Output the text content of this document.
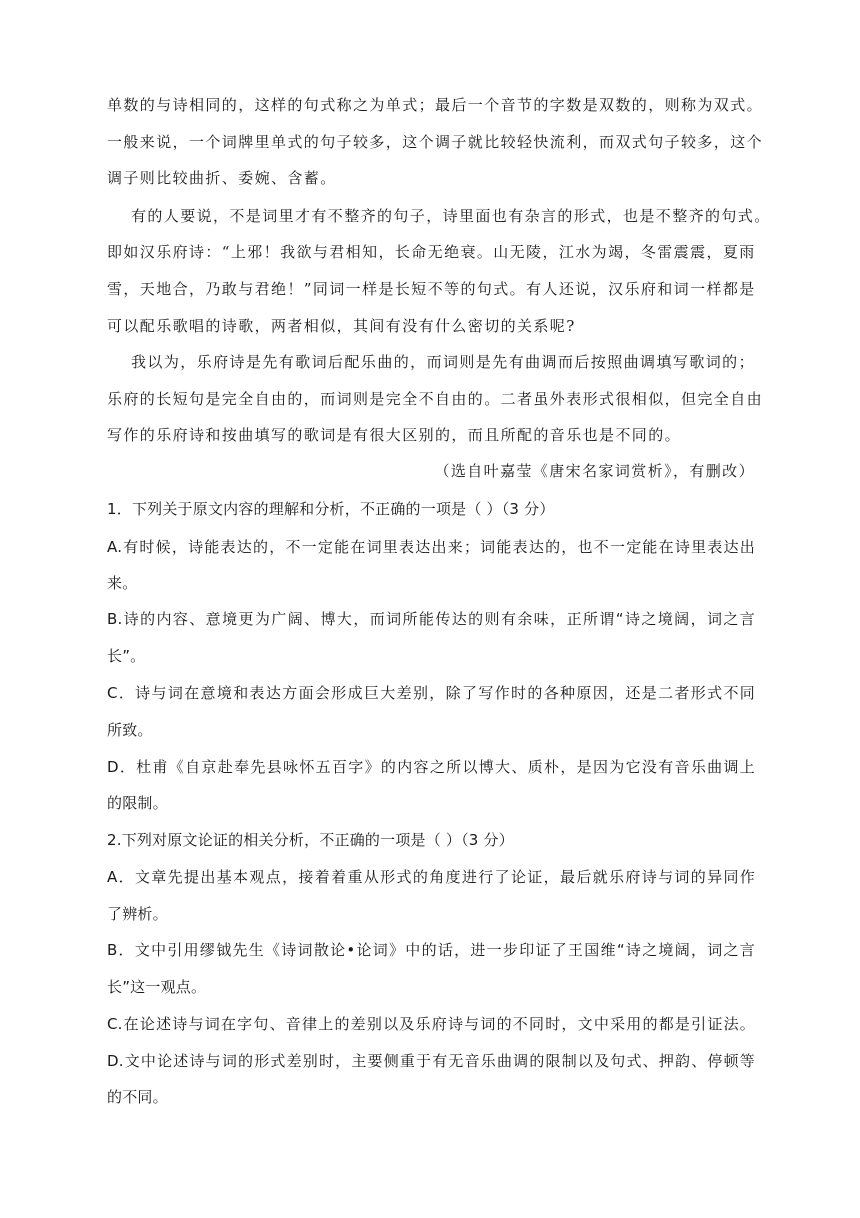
单数的与诗相同的，这样的句式称之为单式；最后一个音节的字数是双数的，则称为双式。
一般来说，一个词牌里单式的句子较多，这个调子就比较轻快流利，而双式句子较多，这个
调子则比较曲折、委婉、含蓄。
有的人要说，不是词里才有不整齐的句子，诗里面也有杂言的形式，也是不整齐的句式。
即如汉乐府诗：“上邪！我欲与君相知，长命无绝衰。山无陵，江水为竭，冬雷震震，夏雨
雪，天地合，乃敢与君绝！”同词一样是长短不等的句式。有人还说，汉乐府和词一样都是
可以配乐歌唱的诗歌，两者相似，其间有没有什么密切的关系呢?
我以为，乐府诗是先有歌词后配乐曲的，而词则是先有曲调而后按照曲调填写歌词的；
乐府的长短句是完全自由的，而词则是完全不自由的。二者虽外表形式很相似，但完全自由
写作的乐府诗和按曲填写的歌词是有很大区别的，而且所配的音乐也是不同的。
（选自叶嘉莹《唐宋名家词赏析》，有删改）
1．下列关于原文内容的理解和分析，不正确的一项是（ ）（3 分）
A.有时候，诗能表达的，不一定能在词里表达出来；词能表达的，也不一定能在诗里表达出
来。
B.诗的内容、意境更为广阔、博大，而词所能传达的则有余味，正所谓“诗之境阔，词之言
长”。
C．诗与词在意境和表达方面会形成巨大差别，除了写作时的各种原因，还是二者形式不同
所致。
D．杜甫《自京赴奉先县咏怀五百字》的内容之所以博大、质朴，是因为它没有音乐曲调上
的限制。
2.下列对原文论证的相关分析，不正确的一项是（ ）（3 分）
A．文章先提出基本观点，接着着重从形式的角度进行了论证，最后就乐府诗与词的异同作
了辨析。
B．文中引用缪钺先生《诗词散论•论词》中的话，进一步印证了王国维“诗之境阔，词之言
长”这一观点。
C.在论述诗与词在字句、音律上的差别以及乐府诗与词的不同时，文中采用的都是引证法。
D.文中论述诗与词的形式差别时，主要侧重于有无音乐曲调的限制以及句式、押韵、停顿等
的不同。
